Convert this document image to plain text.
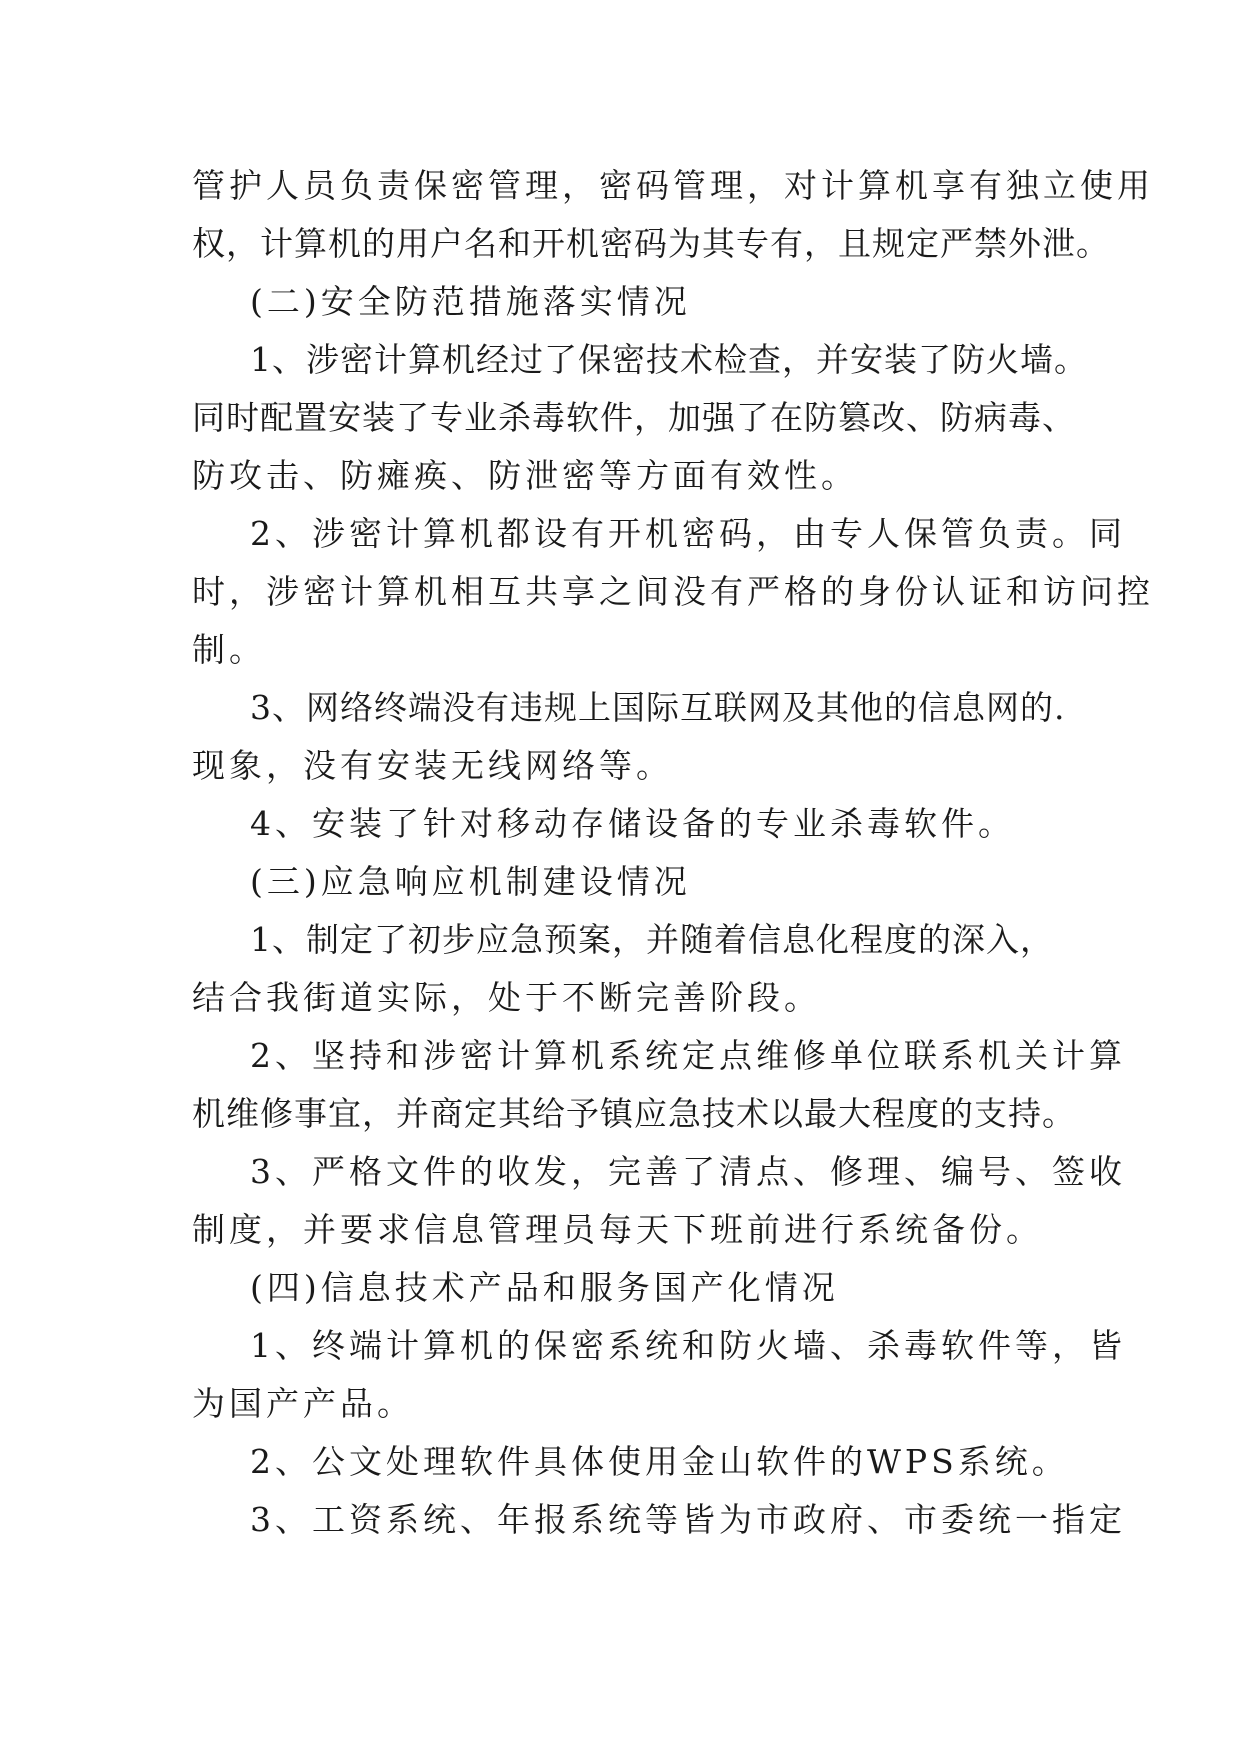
管护人员负责保密管理，密码管理，对计算机享有独立使用
权，计算机的用户名和开机密码为其专有，且规定严禁外泄。
(二)安全防范措施落实情况
1、涉密计算机经过了保密技术检查，并安装了防火墙。
同时配置安装了专业杀毒软件，加强了在防篡改、防病毒、
防攻击、防瘫痪、防泄密等方面有效性。
2、涉密计算机都设有开机密码，由专人保管负责。同
时，涉密计算机相互共享之间没有严格的身份认证和访问控
制。
3、网络终端没有违规上国际互联网及其他的信息网的.
现象，没有安装无线网络等。
4、安装了针对移动存储设备的专业杀毒软件。
(三)应急响应机制建设情况
1、制定了初步应急预案，并随着信息化程度的深入，
结合我街道实际，处于不断完善阶段。
2、坚持和涉密计算机系统定点维修单位联系机关计算
机维修事宜，并商定其给予镇应急技术以最大程度的支持。
3、严格文件的收发，完善了清点、修理、编号、签收
制度，并要求信息管理员每天下班前进行系统备份。
(四)信息技术产品和服务国产化情况
1、终端计算机的保密系统和防火墙、杀毒软件等，皆
为国产产品。
2、公文处理软件具体使用金山软件的WPS系统。
3、工资系统、年报系统等皆为市政府、市委统一指定
